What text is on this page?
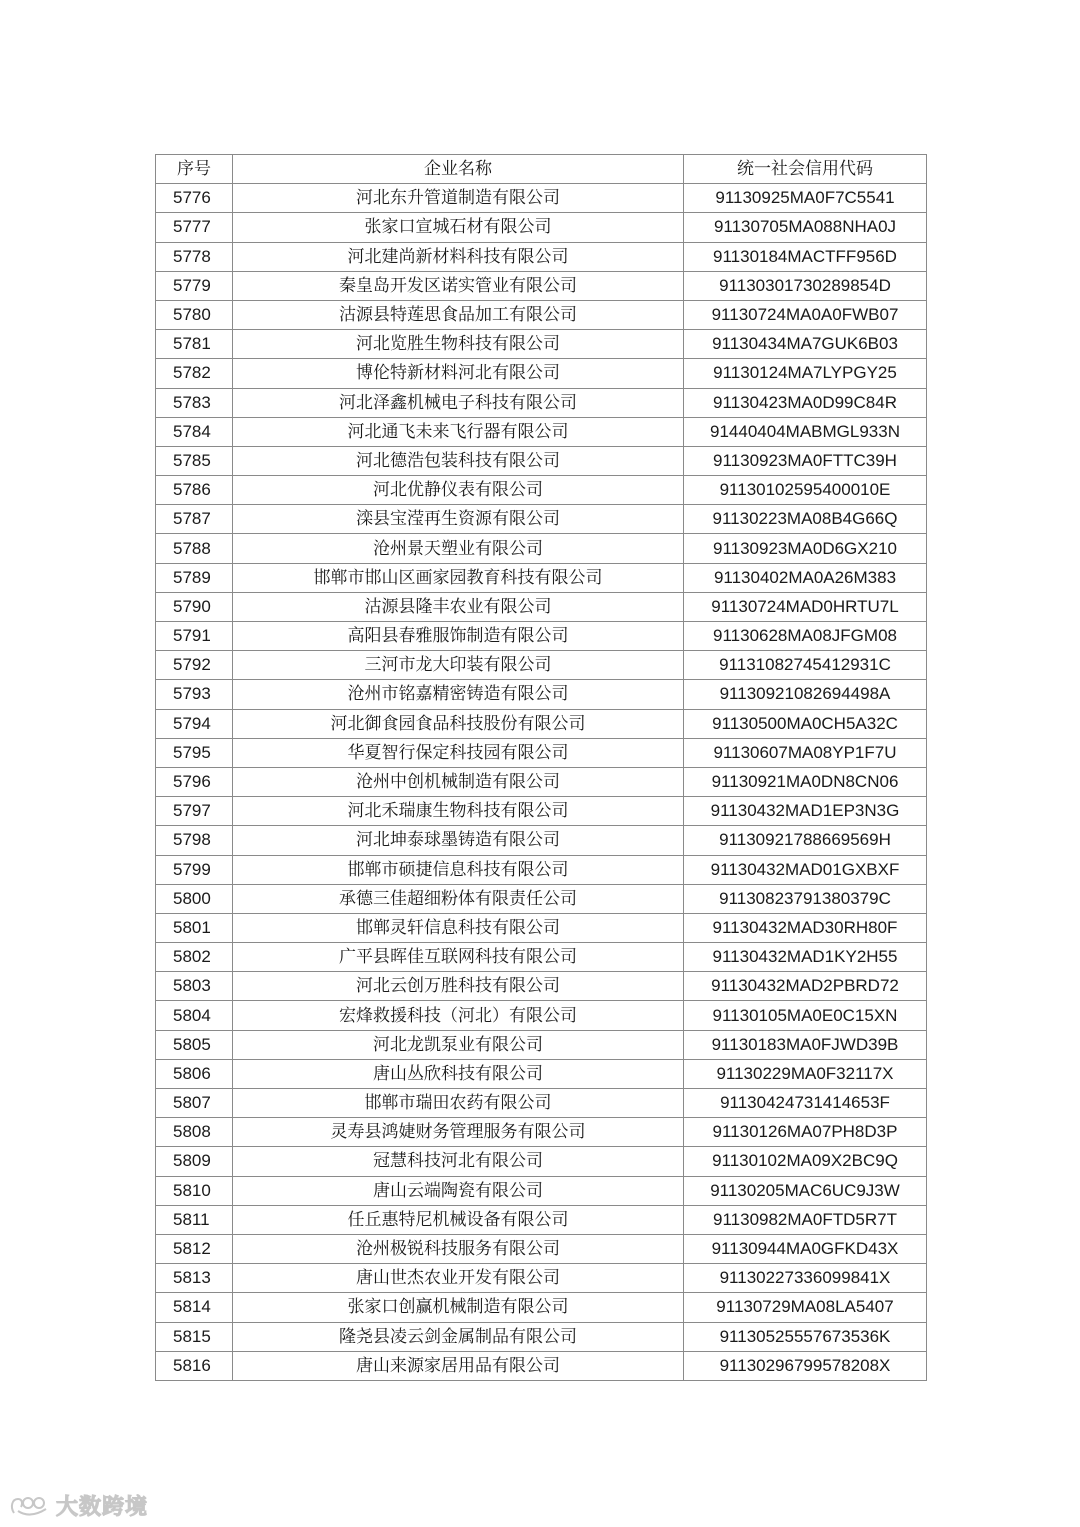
序号	企业名称	统一社会信用代码
5776	河北东升管道制造有限公司	91130925MA0F7C5541
5777	张家口宣城石材有限公司	91130705MA088NHA0J
5778	河北建尚新材料科技有限公司	91130184MACTFF956D
5779	秦皇岛开发区诺实管业有限公司	91130301730289854D
5780	沽源县特莲思食品加工有限公司	91130724MA0A0FWB07
5781	河北览胜生物科技有限公司	91130434MA7GUK6B03
5782	博伦特新材料河北有限公司	91130124MA7LYPGY25
5783	河北泽鑫机械电子科技有限公司	91130423MA0D99C84R
5784	河北通飞未来飞行器有限公司	91440404MABMGL933N
5785	河北德浩包装科技有限公司	91130923MA0FTTC39H
5786	河北优静仪表有限公司	91130102595400010E
5787	滦县宝滢再生资源有限公司	91130223MA08B4G66Q
5788	沧州景天塑业有限公司	91130923MA0D6GX210
5789	邯郸市邯山区画家园教育科技有限公司	91130402MA0A26M383
5790	沽源县隆丰农业有限公司	91130724MAD0HRTU7L
5791	高阳县春雅服饰制造有限公司	91130628MA08JFGM08
5792	三河市龙大印装有限公司	91131082745412931C
5793	沧州市铭嘉精密铸造有限公司	91130921082694498A
5794	河北御食园食品科技股份有限公司	91130500MA0CH5A32C
5795	华夏智行保定科技园有限公司	91130607MA08YP1F7U
5796	沧州中创机械制造有限公司	91130921MA0DN8CN06
5797	河北禾瑞康生物科技有限公司	91130432MAD1EP3N3G
5798	河北坤泰球墨铸造有限公司	91130921788669569H
5799	邯郸市硕捷信息科技有限公司	91130432MAD01GXBXF
5800	承德三佳超细粉体有限责任公司	91130823791380379C
5801	邯郸灵轩信息科技有限公司	91130432MAD30RH80F
5802	广平县晖佳互联网科技有限公司	91130432MAD1KY2H55
5803	河北云创万胜科技有限公司	91130432MAD2PBRD72
5804	宏烽救援科技（河北）有限公司	91130105MA0E0C15XN
5805	河北龙凯泵业有限公司	91130183MA0FJWD39B
5806	唐山丛欣科技有限公司	91130229MA0F32117X
5807	邯郸市瑞田农药有限公司	91130424731414653F
5808	灵寿县鸿婕财务管理服务有限公司	91130126MA07PH8D3P
5809	冠慧科技河北有限公司	91130102MA09X2BC9Q
5810	唐山云端陶瓷有限公司	91130205MAC6UC9J3W
5811	任丘惠特尼机械设备有限公司	91130982MA0FTD5R7T
5812	沧州极锐科技服务有限公司	91130944MA0GFKD43X
5813	唐山世杰农业开发有限公司	91130227336099841X
5814	张家口创赢机械制造有限公司	91130729MA08LA5407
5815	隆尧县凌云剑金属制品有限公司	91130525557673536K
5816	唐山来源家居用品有限公司	91130296799578208X
大数跨境
